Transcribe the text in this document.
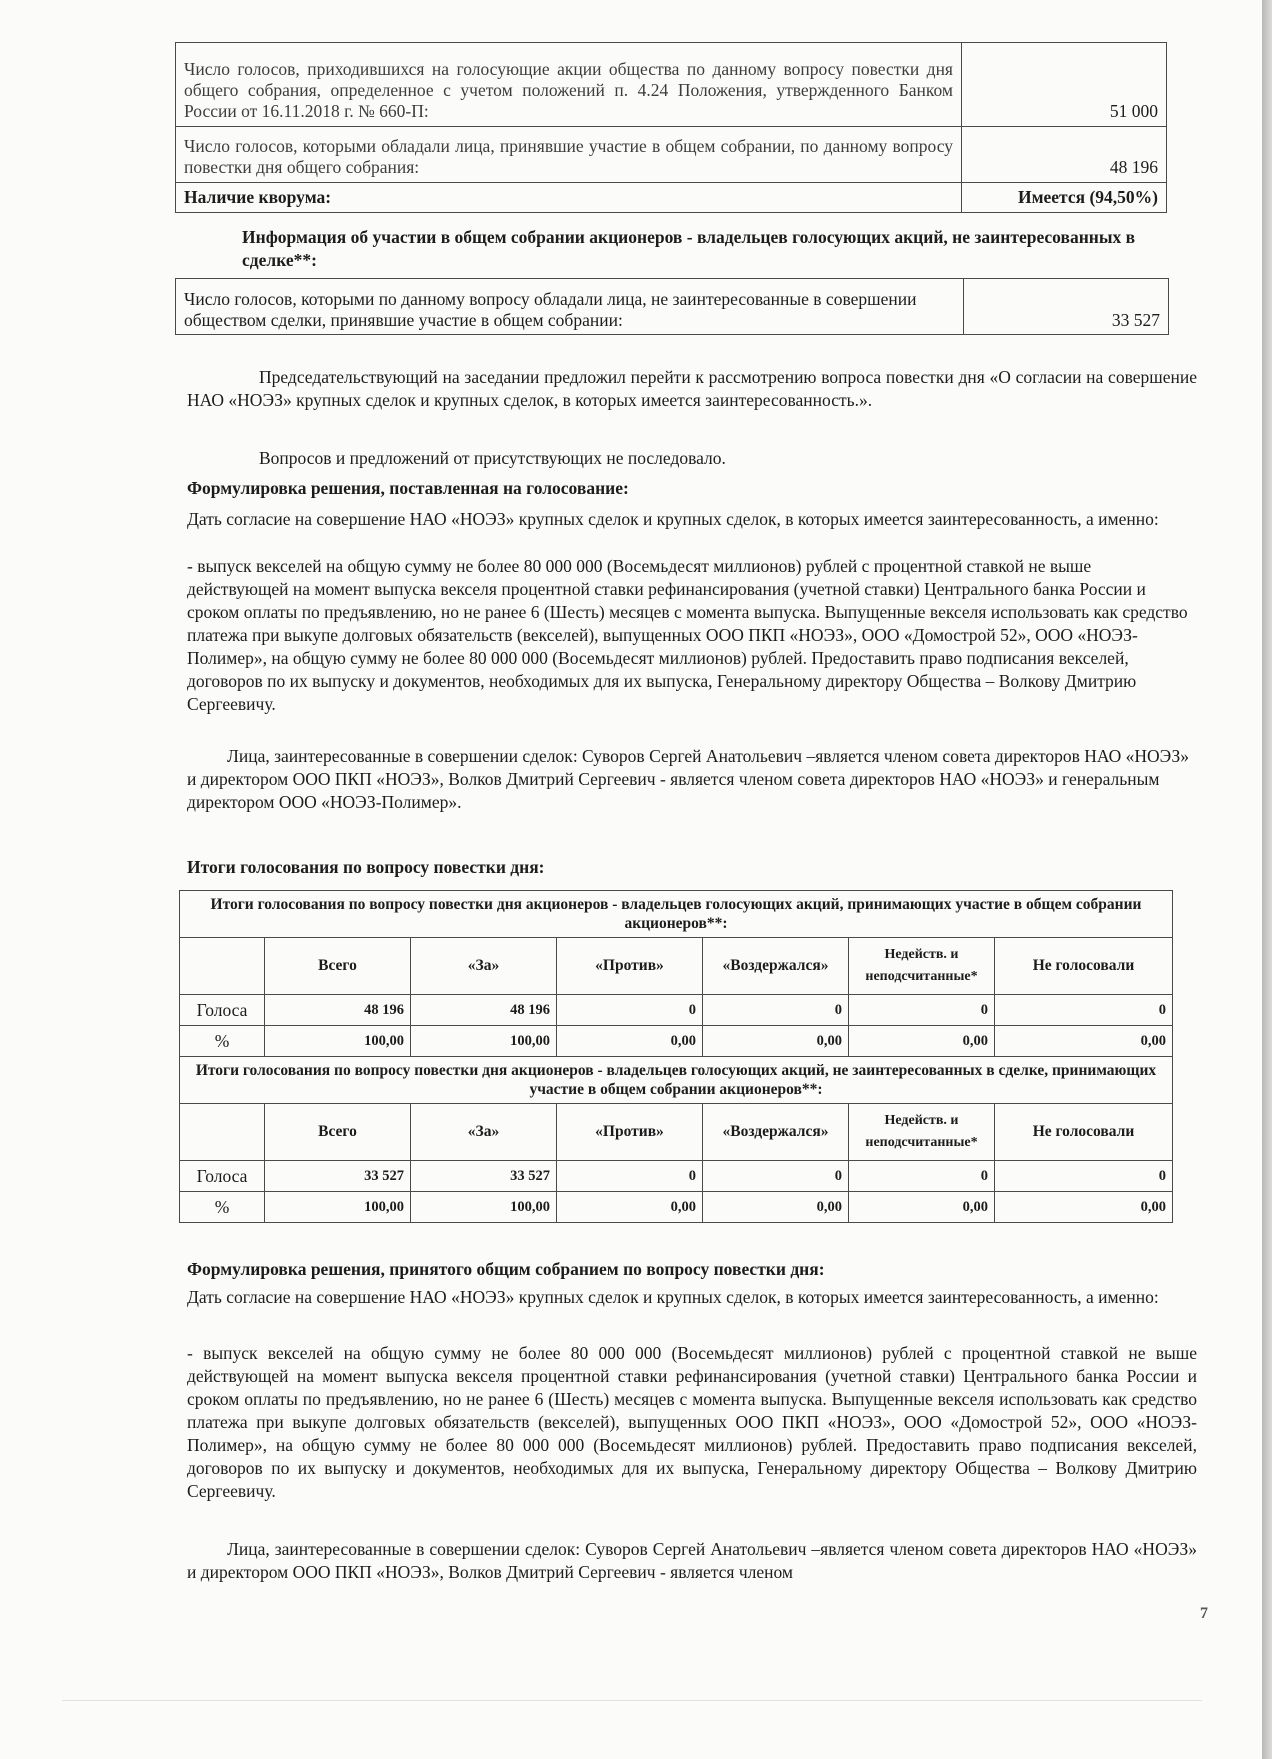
Число голосов, приходившихся на голосующие акции общества по данному вопросу повестки дня общего собрания, определенное с учетом положений п. 4.24 Положения, утвержденного Банком России от 16.11.2018 г. № 660-П:	51 000
Число голосов, которыми обладали лица, принявшие участие в общем собрании, по данному вопросу повестки дня общего собрания:	48 196
Наличие кворума:	Имеется (94,50%)
Информация об участии в общем собрании акционеров - владельцев голосующих акций, не заинтересованных в сделке**:
Число голосов, которыми по данному вопросу обладали лица, не заинтересованные в совершении обществом сделки, принявшие участие в общем собрании:	33 527
Председательствующий на заседании предложил перейти к рассмотрению вопроса повестки дня «О согласии на совершение НАО «НОЭЗ» крупных сделок и крупных сделок, в которых имеется заинтересованность.».
Вопросов и предложений от присутствующих не последовало.
Формулировка решения, поставленная на голосование:
Дать согласие на совершение НАО «НОЭЗ» крупных сделок и крупных сделок, в которых имеется заинтересованность, а именно:
- выпуск векселей на общую сумму не более 80 000 000 (Восемьдесят миллионов) рублей с процентной ставкой не выше действующей на момент выпуска векселя процентной ставки рефинансирования (учетной ставки) Центрального банка России и сроком оплаты по предъявлению, но не ранее 6 (Шесть) месяцев с момента выпуска. Выпущенные векселя использовать как средство платежа при выкупе долговых обязательств (векселей), выпущенных ООО ПКП «НОЭЗ», ООО «Домострой 52», ООО «НОЭЗ-Полимер», на общую сумму не более 80 000 000 (Восемьдесят миллионов) рублей. Предоставить право подписания векселей, договоров по их выпуску и документов, необходимых для их выпуска, Генеральному директору Общества – Волкову Дмитрию Сергеевичу.
Лица, заинтересованные в совершении сделок: Суворов Сергей Анатольевич –является членом совета директоров НАО «НОЭЗ» и директором ООО ПКП «НОЭЗ», Волков Дмитрий Сергеевич - является членом совета директоров НАО «НОЭЗ» и генеральным директором ООО «НОЭЗ-Полимер».
Итоги голосования по вопросу повестки дня:
Итоги голосования по вопросу повестки дня акционеров - владельцев голосующих акций, принимающих участие в общем собрании акционеров**:						
	Всего	«За»	«Против»	«Воздержался»	Недейств. и неподсчитанные*	Не голосовали
Голоса	48 196	48 196	0	0	0	0
%	100,00	100,00	0,00	0,00	0,00	0,00
Итоги голосования по вопросу повестки дня акционеров - владельцев голосующих акций, не заинтересованных в сделке, принимающих участие в общем собрании акционеров**:						
	Всего	«За»	«Против»	«Воздержался»	Недейств. и неподсчитанные*	Не голосовали
Голоса	33 527	33 527	0	0	0	0
%	100,00	100,00	0,00	0,00	0,00	0,00
Формулировка решения, принятого общим собранием по вопросу повестки дня:
Дать согласие на совершение НАО «НОЭЗ» крупных сделок и крупных сделок, в которых имеется заинтересованность, а именно:
- выпуск векселей на общую сумму не более 80 000 000 (Восемьдесят миллионов) рублей с процентной ставкой не выше действующей на момент выпуска векселя процентной ставки рефинансирования (учетной ставки) Центрального банка России и сроком оплаты по предъявлению, но не ранее 6 (Шесть) месяцев с момента выпуска. Выпущенные векселя использовать как средство платежа при выкупе долговых обязательств (векселей), выпущенных ООО ПКП «НОЭЗ», ООО «Домострой 52», ООО «НОЭЗ-Полимер», на общую сумму не более 80 000 000 (Восемьдесят миллионов) рублей. Предоставить право подписания векселей, договоров по их выпуску и документов, необходимых для их выпуска, Генеральному директору Общества – Волкову Дмитрию Сергеевичу.
Лица, заинтересованные в совершении сделок: Суворов Сергей Анатольевич –является членом совета директоров НАО «НОЭЗ» и директором ООО ПКП «НОЭЗ», Волков Дмитрий Сергеевич - является членом
7
